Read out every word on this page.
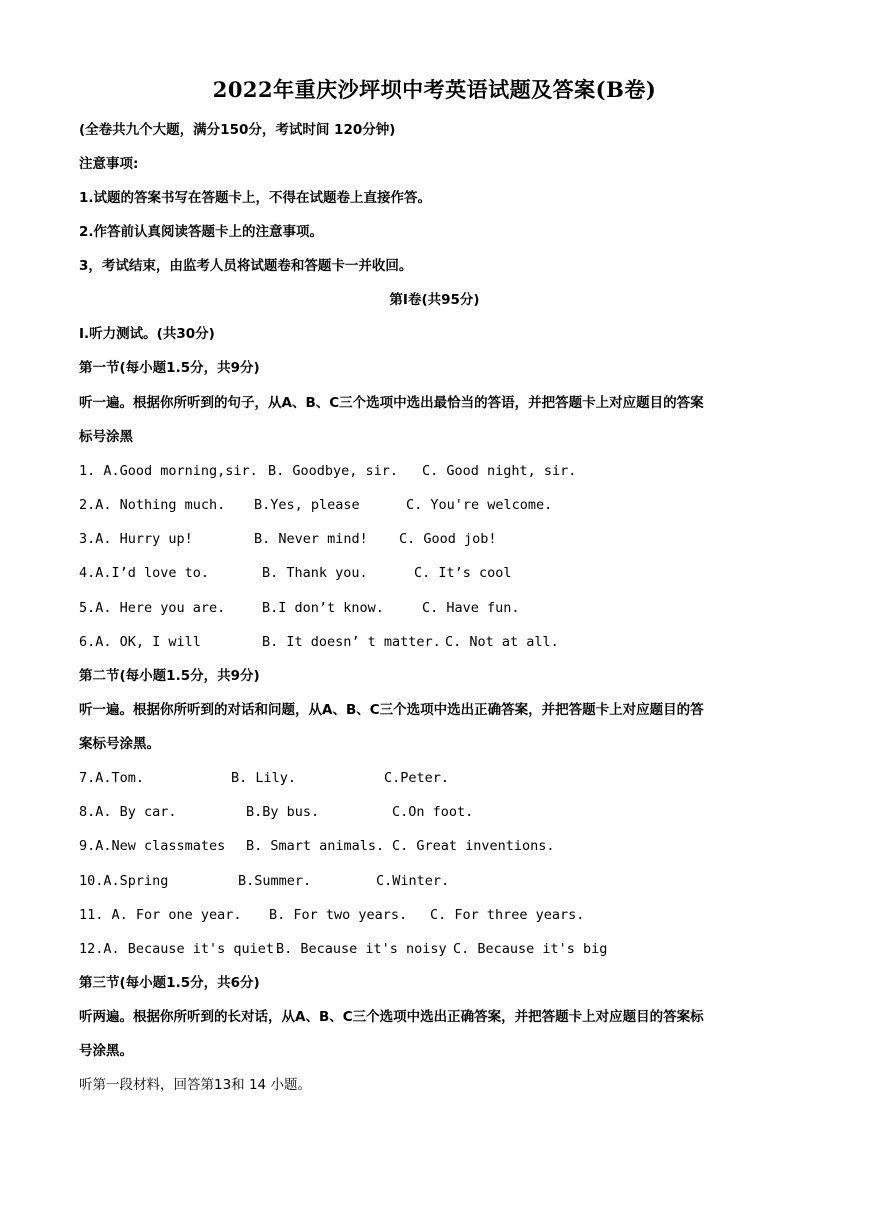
2022年重庆沙坪坝中考英语试题及答案(B卷)
(全卷共九个大题，满分150分，考试时间 120分钟)
注意事项:
1.试题的答案书写在答题卡上，不得在试题卷上直接作答。
2.作答前认真阅读答题卡上的注意事项。
3，考试结束，由监考人员将试题卷和答题卡一并收回。
第Ⅰ卷(共95分)
I.听力测试。(共30分)
第一节(每小题1.5分，共9分)
听一遍。根据你所听到的句子，从A、B、C三个选项中选出最恰当的答语，并把答题卡上对应题目的答案
标号涂黑
1. A.Good morning,sir. B. Goodbye, sir. C. Good night, sir.
2.A. Nothing much. B.Yes, please	C. You're welcome.
3.A. Hurry up!	B. Never mind! C. Good job!
4.A.I’d love to.	B. Thank you.	C. It’s cool
5.A. Here you are.	B.I don’t know.	C. Have fun.
6.A. OK, I will	B. It doesn’ t matter. C. Not at all.
第二节(每小题1.5分，共9分)
听一遍。根据你所听到的对话和问题，从A、B、C三个选项中选出正确答案，并把答题卡上对应题目的答
案标号涂黑。
7.A.Tom.	B. Lily.	C.Peter.
8.A. By car.	B.By bus.	C.On foot.
9.A.New classmates B. Smart animals. C. Great inventions.
10.A.Spring	B.Summer.	C.Winter.
11. A. For one year. B. For two years. C. For three years.
12.A. Because it's quiet.
B. Because it's noisy C. Because it's big
第三节(每小题1.5分，共6分)
听两遍。根据你所听到的长对话，从A、B、C三个选项中选出正确答案，并把答题卡上对应题目的答案标
号涂黑。
听第一段材料，回答第13和 14 小题。
